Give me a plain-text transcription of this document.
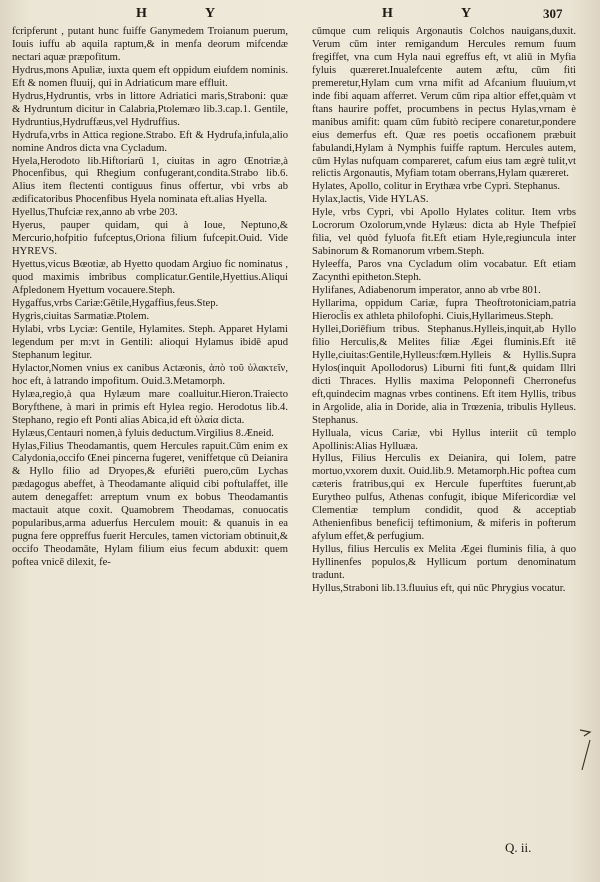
H	Y	H	Y	307

fcripferunt , putant hunc fuiffe Ganymedem Troianum puerum, Iouis iuffu ab aquila raptum,& in menfa deorum mifcendæ nectari aquæ præpofitum.

Hydrus,mons Apuliæ, iuxta quem eft oppidum eiufdem nominis. Eft & nomen fluuij, qui in Adriaticum mare effluit.

Hydrus,Hydruntis, vrbs in littore Adriatici maris,Straboni: quæ & Hydruntum dicitur in Calabria,Ptolemæo lib.3.cap.1. Gentile, Hydruntius,Hydruffæus,vel Hydruffius.

Hydrufa,vrbs in Attica regione.Strabo. Eft & Hydrufa,infula,alio nomine Andros dicta vna Cycladum.

Hyela,Herodoto lib.Hiftoriarū 1, ciuitas in agro Œnotriæ,à Phocenfibus, qui Rhegium confugerant,condita.Strabo lib.6. Alius item flectenti contiguus finus offertur, vbi vrbs ab ædificatoribus Phocenfibus Hyela nominata eft.alias Hyella.

Hyellus,Thufciæ rex,anno ab vrbe 203.

Hyerus, pauper quidam, qui à Ioue, Neptuno,& Mercurio,hofpitio fufceptus,Oriona filium fufcepit.Ouid. Vide HYREVS.

Hyettus,vicus Bœotiæ, ab Hyetto quodam Argiuo fic nominatus , quod maximis imbribus complicatur.Gentile,Hyettius.Aliqui Afpledonem Hyettum vocauere.Steph.

Hygaffus,vrbs Cariæ:Gētile,Hygaffius,feus.Step.

Hygris,ciuitas Sarmatiæ.Ptolem.

Hylabi, vrbs Lyciæ: Gentile, Hylamites. Steph. Apparet Hylami legendum per m:vt in Gentili: alioqui Hylamus ibidē apud Stephanum legitur.

Hylactor,Nomen vnius ex canibus Actæonis, ἀπὸ τοῦ ὑλακτεῖν, hoc eft, à latrando impofitum. Ouid.3.Metamorph.

Hylæa,regio,à qua Hylæum mare coalluitur.Hieron.Traiecto Boryfthene, à mari in primis eft Hylea regio. Herodotus lib.4. Stephano, regio eft Ponti alias Abica,id eft ὑλαία dicta.

Hylæus,Centauri nomen,à fyluis deductum.Virgilius 8.Æneid.

Hylas,Filius Theodamantis, quem Hercules rapuit.Cūm enim ex Calydonia,occifo Œnei pincerna fugeret, veniffetque cū Deianira & Hyllo filio ad Dryopes,& efuriēti puero,cūm Lychas pædagogus abeffet, à Theodamante aliquid cibi poftulaffet, ille autem denegaffet: arreptum vnum ex bobus Theodamantis mactauit atque coxit. Quamobrem Theodamas, conuocatis popularibus,arma aduerfus Herculem mouit: & quanuis in ea pugna fere oppreffus fuerit Hercules, tamen victoriam obtinuit,& occifo Theodamāte, Hylam filium eius fecum abduxit: quem poftea vnicē dilexit, fe-

cūmque cum reliquis Argonautis Colchos nauigans,duxit. Verum cūm inter remigandum Hercules remum fuum fregiffet, vna cum Hyla naui egreffus eft, vt aliū in Myfia fyluis quæreret.Inualefcente autem æftu, cūm fiti premeretur,Hylam cum vrna mifit ad Afcanium fluuium,vt inde fibi aquam afferret. Verum cūm ripa altior effet,quàm vt ftans haurire poffet, procumbens in pectus Hylas,vrnam è manibus amifit: quam cūm fubitò recipere conaretur,pondere eius demerfus eft. Quæ res poetis occafionem præbuit fabulandi,Hylam à Nymphis fuiffe raptum. Hercules autem, cūm Hylas nufquam compareret, cafum eius tam ægrè tulit,vt relictis Argonautis, Myfiam totam oberrans,Hylam quæreret.

Hylates, Apollo, colitur in Erythæa vrbe Cypri. Stephanus.

Hylax,lactis, Vide HYLAS.

Hyle, vrbs Cypri, vbi Apollo Hylates colitur. Item vrbs Locrorum Ozolorum,vnde Hylæus: dicta ab Hyle Thefpieī filia, vel quòd fyluofa fit.Eft etiam Hyle,regiuncula inter Sabinorum & Romanorum vrbem.Steph.

Hyleeffa, Paros vna Cycladum olim vocabatur. Eft etiam Zacynthi epitheton.Steph.

Hylifanes, Adiabenorum imperator, anno ab vrbe 801.

Hyllarima, oppidum Cariæ, fupra Theoftrotoniciam,patria Hierocl̄is ex athleta philofophi. Ciuis,Hyllarimeus.Steph.

Hyllei,Doriēfium tribus. Stephanus.Hylleis,inquit,ab Hyllo filio Herculis,& Melites filiæ Ægei fluminis.Eft itē Hylle,ciuitas:Gentile,Hylleus:fœm.Hylleis & Hyllis.Supra Hylos(inquit Apollodorus) Liburni fiti funt,& quidam Illri dicti Thraces. Hyllis maxima Peloponnefi Cherronefus eft,quindecim magnas vrbes continens. Eft item Hyllis, tribus in Argolide, alia in Doride, alia in Trœzenia, tribulis Hylleus. Stephanus.

Hylluala, vicus Cariæ, vbi Hyllus interiit cū templo Apollinis:Alias Hylluæa.

Hyllus, Filius Herculis ex Deianira, qui Iolem, patre mortuo,vxorem duxit. Ouid.lib.9. Metamorph.Hic poftea cum cæteris fratribus,qui ex Hercule fuperftites fuerunt,ab Eurytheo pulfus, Athenas confugit, ibique Mifericordiæ vel Clementiæ templum condidit, quod & acceptiab Athenienfibus beneficij teftimonium, & miferis in pofterum afylum effet,& perfugium.

Hyllus, filius Herculis ex Melita Ægei fluminis filia, à quo Hyllinenfes populos,& Hyllicum portum denominatum tradunt.

Hyllus,Straboni lib.13.fluuius eft, qui nūc Phrygius vocatur.

Q. ii.
